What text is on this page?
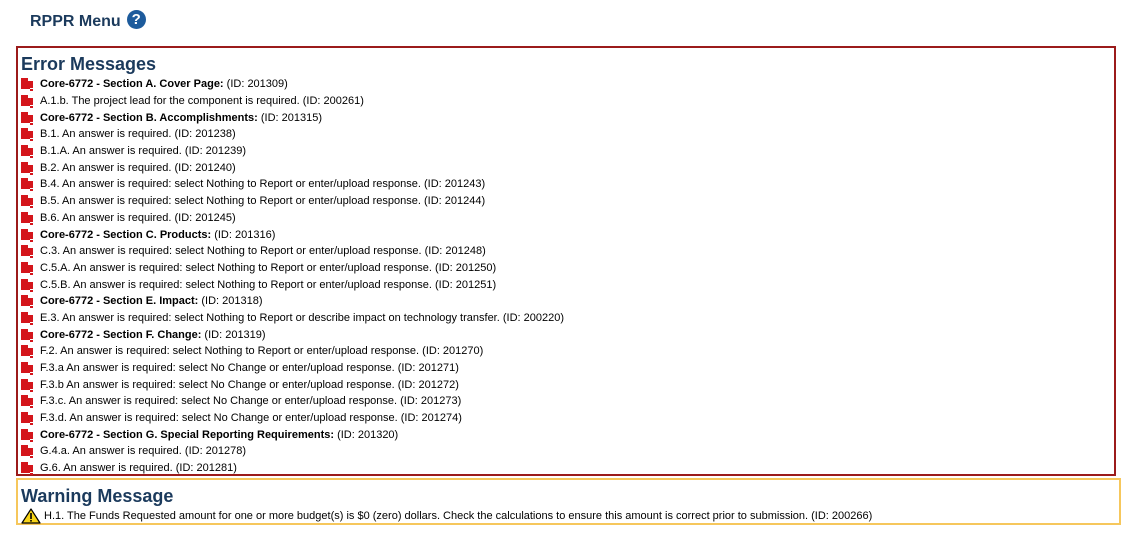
RPPR Menu ?
Error Messages
Core-6772 - Section A. Cover Page: (ID: 201309)
A.1.b. The project lead for the component is required. (ID: 200261)
Core-6772 - Section B. Accomplishments: (ID: 201315)
B.1. An answer is required. (ID: 201238)
B.1.A. An answer is required. (ID: 201239)
B.2. An answer is required. (ID: 201240)
B.4. An answer is required: select Nothing to Report or enter/upload response. (ID: 201243)
B.5. An answer is required: select Nothing to Report or enter/upload response. (ID: 201244)
B.6. An answer is required. (ID: 201245)
Core-6772 - Section C. Products: (ID: 201316)
C.3. An answer is required: select Nothing to Report or enter/upload response. (ID: 201248)
C.5.A. An answer is required: select Nothing to Report or enter/upload response. (ID: 201250)
C.5.B. An answer is required: select Nothing to Report or enter/upload response. (ID: 201251)
Core-6772 - Section E. Impact: (ID: 201318)
E.3. An answer is required: select Nothing to Report or describe impact on technology transfer. (ID: 200220)
Core-6772 - Section F. Change: (ID: 201319)
F.2. An answer is required: select Nothing to Report or enter/upload response. (ID: 201270)
F.3.a An answer is required: select No Change or enter/upload response. (ID: 201271)
F.3.b An answer is required: select No Change or enter/upload response. (ID: 201272)
F.3.c. An answer is required: select No Change or enter/upload response. (ID: 201273)
F.3.d. An answer is required: select No Change or enter/upload response. (ID: 201274)
Core-6772 - Section G. Special Reporting Requirements: (ID: 201320)
G.4.a. An answer is required. (ID: 201278)
G.6. An answer is required. (ID: 201281)
Warning Message
H.1. The Funds Requested amount for one or more budget(s) is $0 (zero) dollars. Check the calculations to ensure this amount is correct prior to submission. (ID: 200266)
